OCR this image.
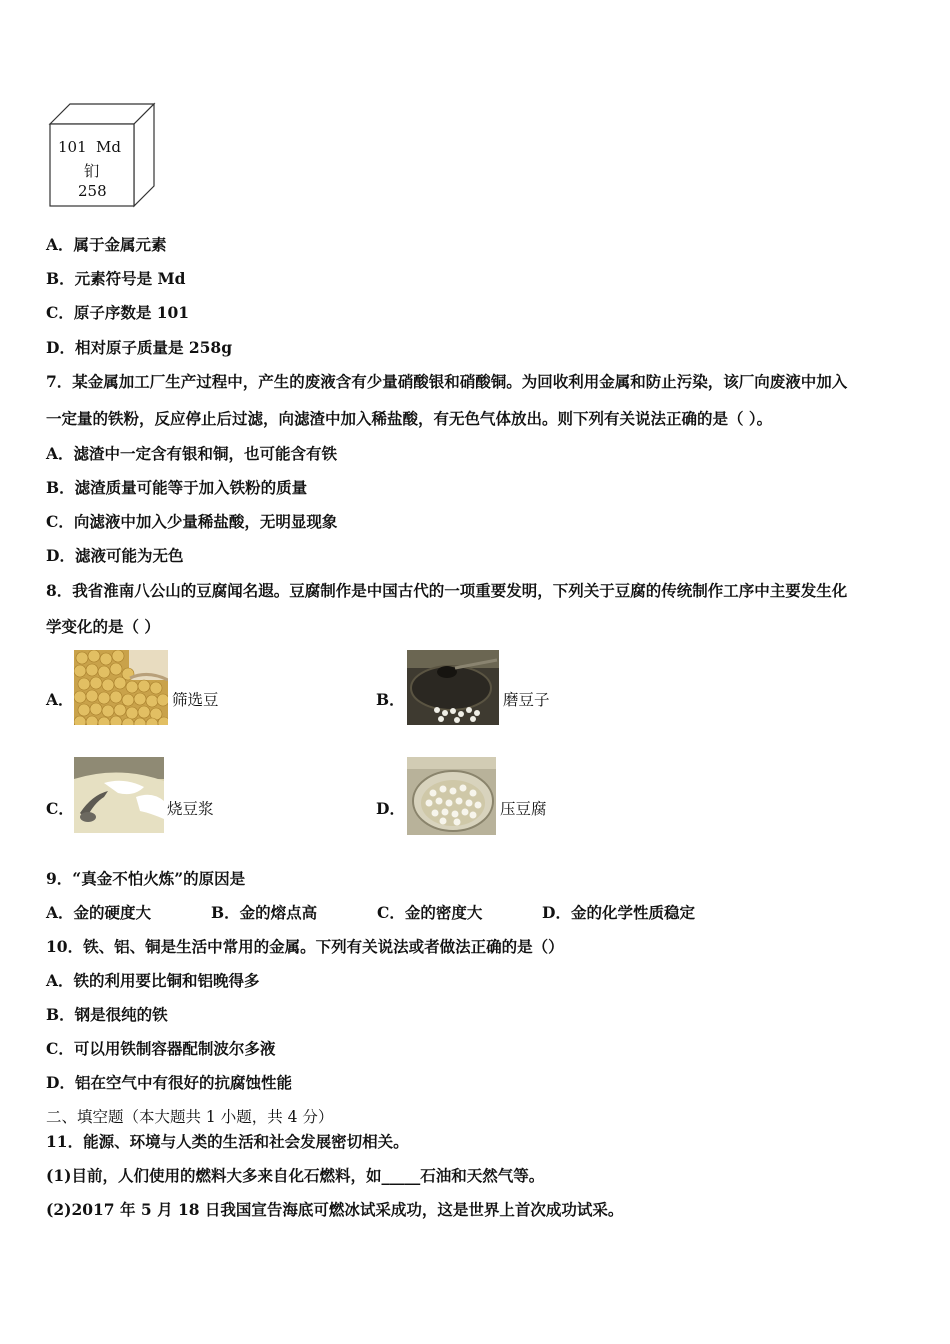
101 Md
钔
258
A．属于金属元素
B．元素符号是 Md
C．原子序数是 101
D．相对原子质量是 258g
7．某金属加工厂生产过程中，产生的废液含有少量硝酸银和硝酸铜。为回收利用金属和防止污染，该厂向废液中加入
一定量的铁粉，反应停止后过滤，向滤渣中加入稀盐酸，有无色气体放出。则下列有关说法正确的是（ ）。
A．滤渣中一定含有银和铜，也可能含有铁
B．滤渣质量可能等于加入铁粉的质量
C．向滤液中加入少量稀盐酸，无明显现象
D．滤液可能为无色
8．我省淮南八公山的豆腐闻名遐。豆腐制作是中国古代的一项重要发明，下列关于豆腐的传统制作工序中主要发生化
学变化的是（ ）
A．	筛选豆	B．	磨豆子
C．	烧豆浆	D．	压豆腐
9．“真金不怕火炼”的原因是
A．金的硬度大	B．金的熔点高	C．金的密度大	D．金的化学性质稳定
10．铁、铝、铜是生活中常用的金属。下列有关说法或者做法正确的是（）
A．铁的利用要比铜和铝晚得多
B．钢是很纯的铁
C．可以用铁制容器配制波尔多液
D．铝在空气中有很好的抗腐蚀性能
二、填空题（本大题共 1 小题，共 4 分）
11．能源、环境与人类的生活和社会发展密切相关。
(1)目前，人们使用的燃料大多来自化石燃料，如_____石油和天然气等。
(2)2017 年 5 月 18 日我国宣告海底可燃冰试采成功，这是世界上首次成功试采。
